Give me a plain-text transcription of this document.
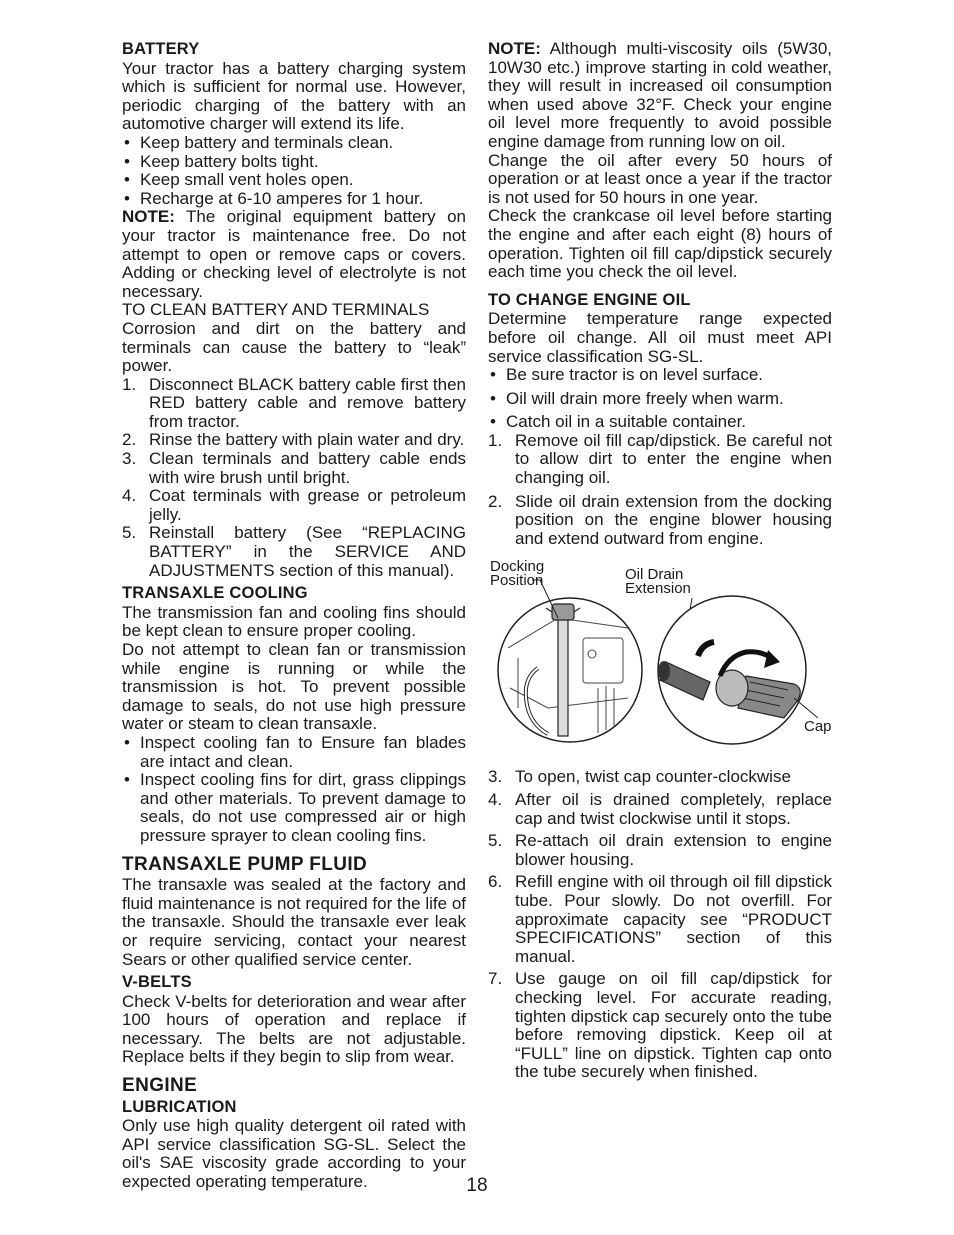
BATTERY

Your tractor has a battery charging system which is sufficient for normal use. However, periodic charging of the battery with an automotive charger will extend its life.

• Keep battery and terminals clean.
• Keep battery bolts tight.
• Keep small vent holes open.
• Recharge at 6-10 amperes for 1 hour.

NOTE: The original equipment battery on your tractor is maintenance free. Do not attempt to open or remove caps or covers. Adding or checking level of electrolyte is not necessary.

TO CLEAN BATTERY AND TERMINALS

Corrosion and dirt on the battery and terminals can cause the battery to “leak” power.

1. Disconnect BLACK battery cable first then RED battery cable and remove battery from tractor.
2. Rinse the battery with plain water and dry.
3. Clean terminals and battery cable ends with wire brush until bright.
4. Coat terminals with grease or petroleum jelly.
5. Reinstall battery (See “REPLACING BATTERY” in the SERVICE AND ADJUSTMENTS section of this manual).
TRANSAXLE COOLING

The transmission fan and cooling fins should be kept clean to ensure proper cooling.

Do not attempt to clean fan or transmission while engine is running or while the transmission is hot. To prevent possible damage to seals, do not use high pressure water or steam to clean transaxle.

• Inspect cooling fan to Ensure fan blades are intact and clean.
• Inspect cooling fins for dirt, grass clippings and other materials. To prevent damage to seals, do not use compressed air or high pressure sprayer to clean cooling fins.
TRANSAXLE PUMP FLUID

The transaxle was sealed at the factory and fluid maintenance is not required for the life of the transaxle. Should the transaxle ever leak or require servicing, contact your nearest Sears or other qualified service center.

V-BELTS

Check V-belts for deterioration and wear after 100 hours of operation and replace if necessary. The belts are not adjustable. Replace belts if they begin to slip from wear.

ENGINE
LUBRICATION

Only use high quality detergent oil rated with API service classification SG-SL. Select the oil's SAE viscosity grade according to your expected operating temperature.

NOTE: Although multi-viscosity oils (5W30, 10W30 etc.) improve starting in cold weather, they will result in increased oil consumption when used above 32°F. Check your engine oil level more frequently to avoid possible engine damage from running low on oil.

Change the oil after every 50 hours of operation or at least once a year if the tractor is not used for 50 hours in one year.

Check the crankcase oil level before starting the engine and after each eight (8) hours of operation. Tighten oil fill cap/dipstick securely each time you check the oil level.

TO CHANGE ENGINE OIL

Determine temperature range expected before oil change. All oil must meet API service classification SG-SL.

• Be sure tractor is on level surface.
• Oil will drain more freely when warm.
• Catch oil in a suitable container.
1. Remove oil fill cap/dipstick. Be careful not to allow dirt to enter the engine when changing oil.
2. Slide oil drain extension from the docking position on the engine blower housing and extend outward from engine.
Docking
Position	Oil Drain
Extension
Cap
3. To open, twist cap counter-clockwise
4. After oil is drained completely, replace cap and twist clockwise until it stops.
5. Re-attach oil drain extension to engine blower housing.
6. Refill engine with oil through oil fill dipstick tube. Pour slowly. Do not overfill. For approximate capacity see “PRODUCT SPECIFICATIONS” section of this manual.
7. Use gauge on oil fill cap/dipstick for checking level. For accurate reading, tighten dipstick cap securely onto the tube before removing dipstick. Keep oil at “FULL” line on dipstick. Tighten cap onto the tube securely when finished.
18
